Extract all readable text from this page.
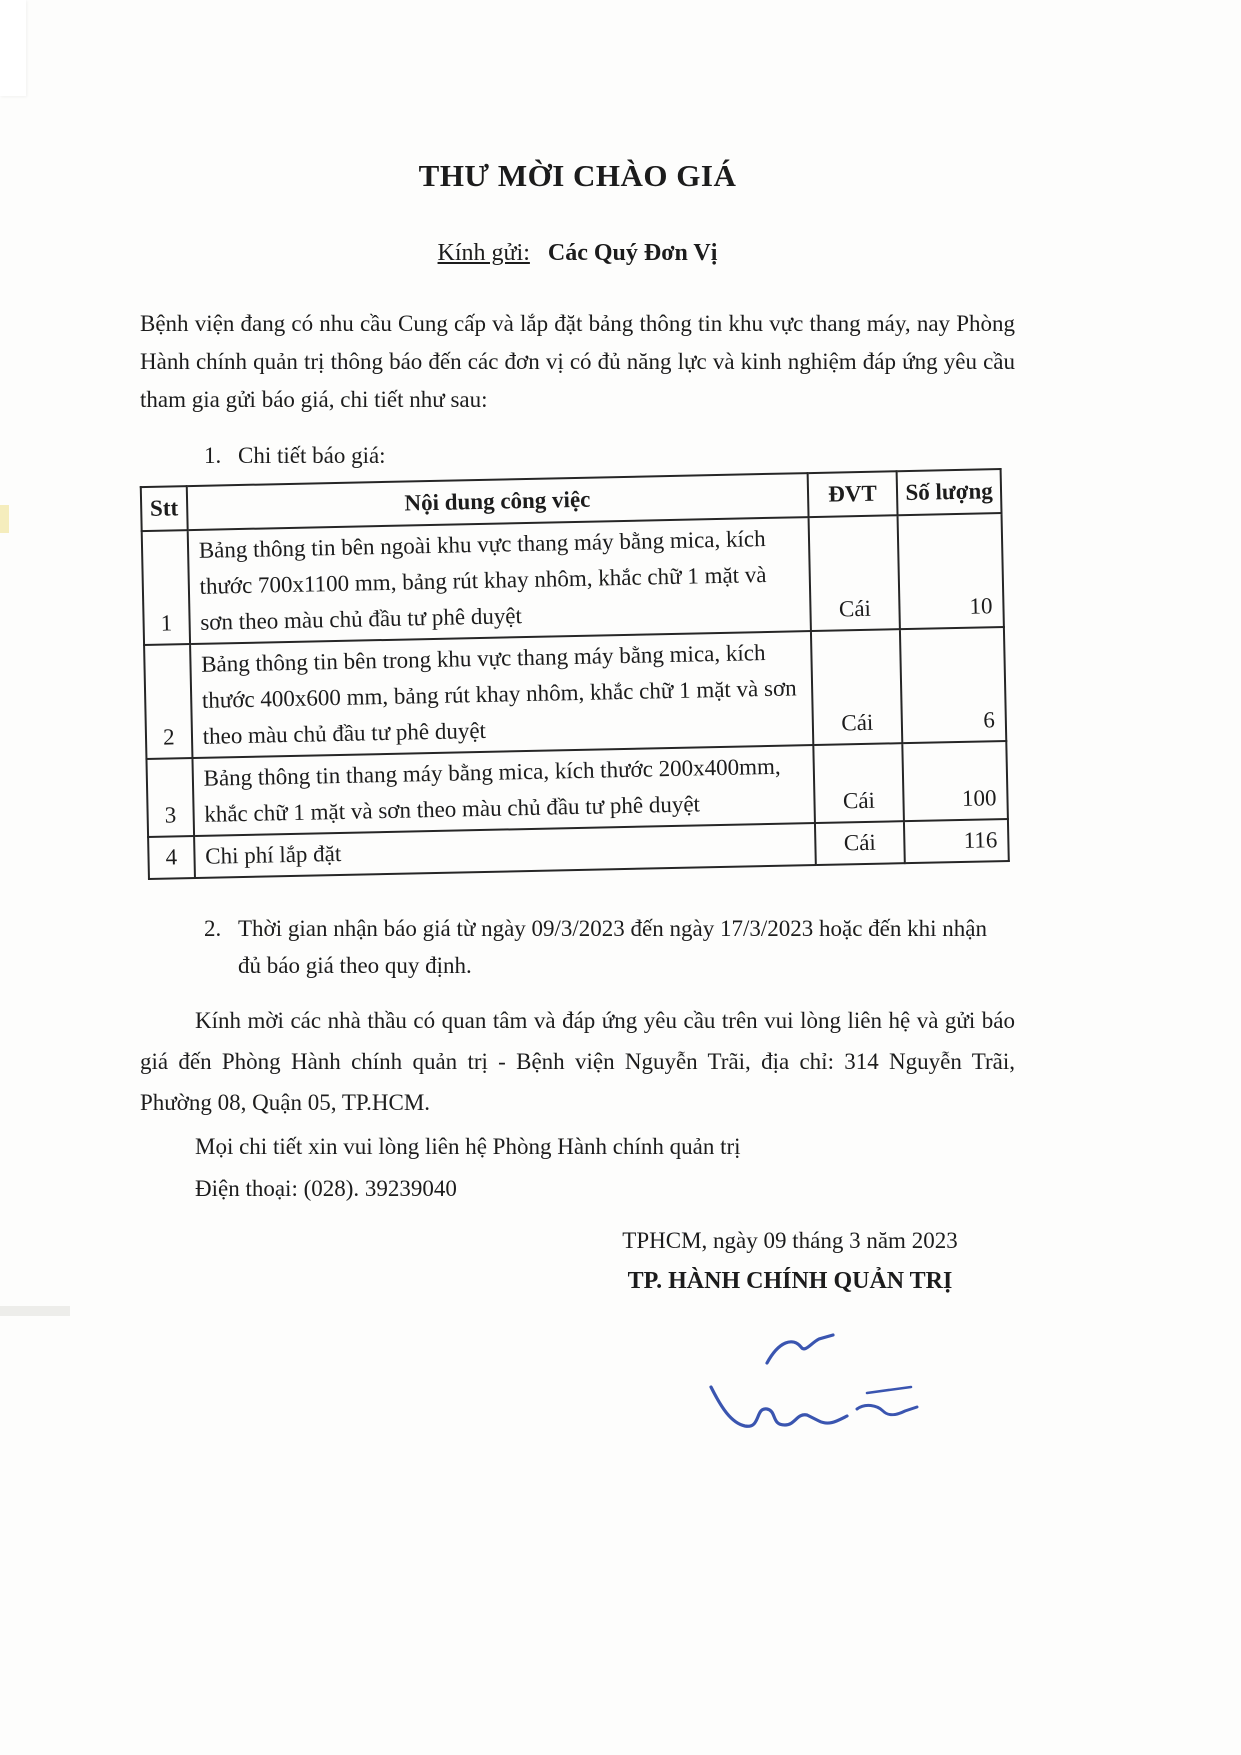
THƯ MỜI CHÀO GIÁ
Kính gửi: Các Quý Đơn Vị
Bệnh viện đang có nhu cầu Cung cấp và lắp đặt bảng thông tin khu vực thang máy, nay Phòng Hành chính quản trị thông báo đến các đơn vị có đủ năng lực và kinh nghiệm đáp ứng yêu cầu tham gia gửi báo giá, chi tiết như sau:
1. Chi tiết báo giá:
Stt	Nội dung công việc	ĐVT	Số lượng
1	Bảng thông tin bên ngoài khu vực thang máy bằng mica, kích thước 700x1100 mm, bảng rút khay nhôm, khắc chữ 1 mặt và sơn theo màu chủ đầu tư phê duyệt	Cái	10
2	Bảng thông tin bên trong khu vực thang máy bằng mica, kích thước 400x600 mm, bảng rút khay nhôm, khắc chữ 1 mặt và sơn theo màu chủ đầu tư phê duyệt	Cái	6
3	Bảng thông tin thang máy bằng mica, kích thước 200x400mm, khắc chữ 1 mặt và sơn theo màu chủ đầu tư phê duyệt	Cái	100
4	Chi phí lắp đặt	Cái	116
2. Thời gian nhận báo giá từ ngày 09/3/2023 đến ngày 17/3/2023 hoặc đến khi nhận đủ báo giá theo quy định.
Kính mời các nhà thầu có quan tâm và đáp ứng yêu cầu trên vui lòng liên hệ và gửi báo giá đến Phòng Hành chính quản trị - Bệnh viện Nguyễn Trãi, địa chỉ: 314 Nguyễn Trãi, Phường 08, Quận 05, TP.HCM.
Mọi chi tiết xin vui lòng liên hệ Phòng Hành chính quản trị
Điện thoại: (028). 39239040
TPHCM, ngày 09 tháng 3 năm 2023
TP. HÀNH CHÍNH QUẢN TRỊ
